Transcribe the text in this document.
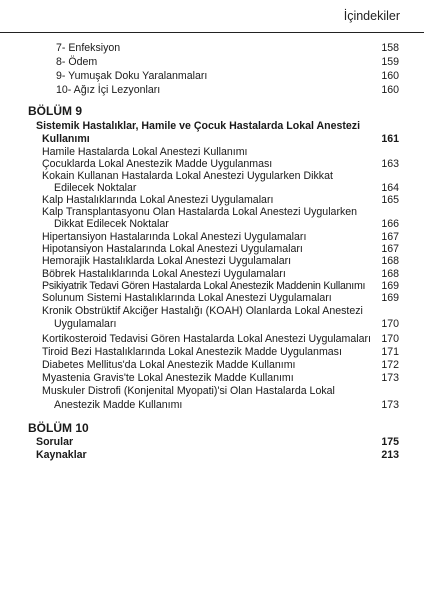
İçindekiler
7- Enfeksiyon	158
8- Ödem	159
9- Yumuşak Doku Yaralanmaları	160
10- Ağız İçi Lezyonları	160
BÖLÜM 9
Sistemik Hastalıklar, Hamile ve Çocuk Hastalarda Lokal Anestezi
Kullanımı	161
Hamile Hastalarda Lokal Anestezi Kullanımı
Çocuklarda Lokal Anestezik Madde Uygulanması	163
Kokain Kullanan Hastalarda Lokal Anestezi Uygularken Dikkat
Edilecek Noktalar	164
Kalp Hastalıklarında Lokal Anestezi Uygulamaları	165
Kalp Transplantasyonu Olan Hastalarda Lokal Anestezi Uygularken
Dikkat Edilecek Noktalar	166
Hipertansiyon Hastalarında Lokal Anestezi Uygulamaları	167
Hipotansiyon Hastalarında Lokal Anestezi Uygulamaları	167
Hemorajik Hastalıklarda Lokal Anestezi Uygulamaları	168
Böbrek Hastalıklarında Lokal Anestezi Uygulamaları	168
Psikiyatrik Tedavi Gören Hastalarda Lokal Anestezik Maddenin Kullanımı 169
Solunum Sistemi Hastalıklarında Lokal Anestezi Uygulamaları	169
Kronik Obstrüktif Akciğer Hastalığı (KOAH) Olanlarda Lokal Anestezi
Uygulamaları	170
Kortikosteroid Tedavisi Gören Hastalarda Lokal Anestezi Uygulamaları 170
Tiroid Bezi Hastalıklarında Lokal Anestezik Madde Uygulanması	171
Diabetes Mellitus'da Lokal Anestezik Madde Kullanımı	172
Myastenia Gravis'te Lokal Anestezik Madde Kullanımı	173
Muskuler Distrofi (Konjenital Myopati)'si Olan Hastalarda Lokal
Anestezik Madde Kullanımı	173
BÖLÜM 10
Sorular	175
Kaynaklar	213
